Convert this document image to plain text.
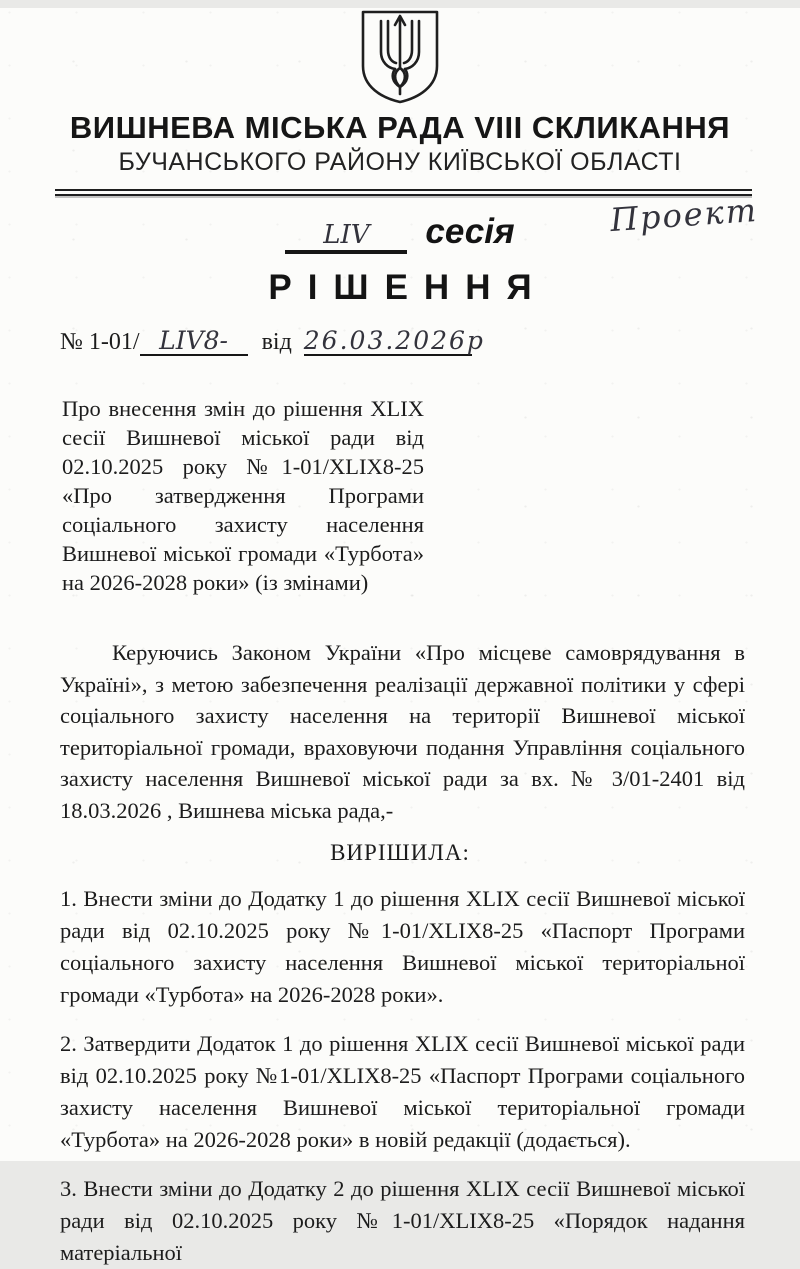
ВИШНЕВА МІСЬКА РАДА VIII СКЛИКАННЯ
БУЧАНСЬКОГО РАЙОНУ КИЇВСЬКОЇ ОБЛАСТІ
Проект
LIV	сесія
РІШЕННЯ
№ 1-01/ LIV8- від 26.03.2026р
Про внесення змін до рішення XLIX сесії Вишневої міської ради від 02.10.2025 року №1-01/XLIX8-25 «Про затвердження Програми соціального захисту населення Вишневої міської громади «Турбота» на 2026-2028 роки» (із змінами)

Керуючись Законом України «Про місцеве самоврядування в Україні», з метою забезпечення реалізації державної політики у сфері соціального захисту населення на території Вишневої міської територіальної громади, враховуючи подання Управління соціального захисту населення Вишневої міської ради за вх. № 3/01-2401 від 18.03.2026 , Вишнева міська рада,-

ВИРІШИЛА:

1. Внести зміни до Додатку 1 до рішення XLIX сесії Вишневої міської ради від 02.10.2025 року №1-01/XLIX8-25 «Паспорт Програми соціального захисту населення Вишневої міської територіальної громади «Турбота» на 2026-2028 роки».

2. Затвердити Додаток 1 до рішення XLIX сесії Вишневої міської ради від 02.10.2025 року №1-01/XLIX8-25 «Паспорт Програми соціального захисту населення Вишневої міської територіальної громади «Турбота» на 2026-2028 роки» в новій редакції (додається).

3. Внести зміни до Додатку 2 до рішення XLIX сесії Вишневої міської ради від 02.10.2025 року №1-01/XLIX8-25 «Порядок надання матеріальної
